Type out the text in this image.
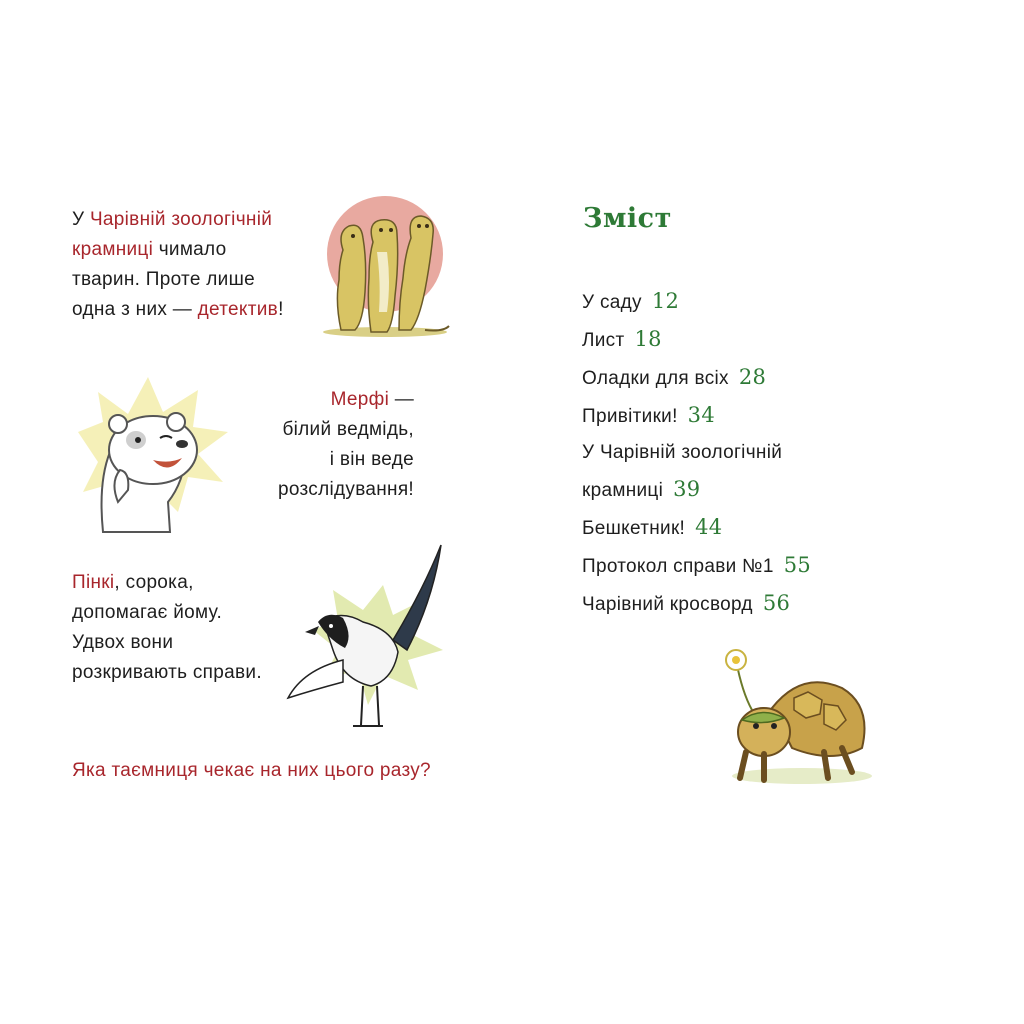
У Чарівній зоологічній
крамниці чимало
тварин. Проте лише
одна з них — детектив!
Мерфі —
білий ведмідь,
і він веде
розслідування!
Пінкі, сорока,
допомагає йому.
Удвох вони
розкривають справи.
Яка таємниця чекає на них цього разу?
Зміст
У саду 12
Лист 18
Оладки для всіх 28
Привітики! 34
У Чарівній зоологічній
крамниці 39
Бешкетник! 44
Протокол справи №1 55
Чарівний кросворд 56
